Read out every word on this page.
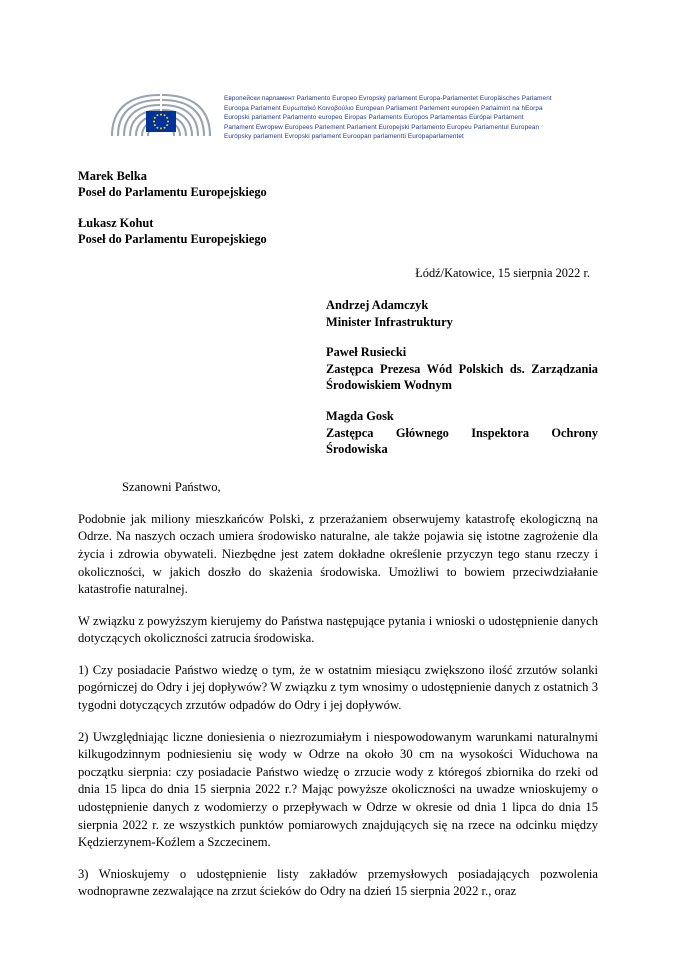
Европейски парламент Parlamento Europeo Evropský parlament Europa-Parlamentet Europäisches Parlament
Euroopa Parlament Ευρωπαϊκό Κοινοβούλιο European Parliament Parlement européen Parlaimint na hEorpa
Europski parlament Parlamento europeo Eiropas Parlaments Europos Parlamentas Európai Parlament
Parlament Ewropew Europees Parlement Parlament Europejski Parlamento Europeu Parlamentul European
Európsky parlament Evropski parlament Euroopan parlamentti Europaparlamentet
Marek Belka
Poseł do Parlamentu Europejskiego
Łukasz Kohut
Poseł do Parlamentu Europejskiego
Łódź/Katowice, 15 sierpnia 2022 r.
Andrzej Adamczyk
Minister Infrastruktury
Paweł Rusiecki
Zastępca Prezesa Wód Polskich ds. Zarządzania Środowiskiem Wodnym
Magda Gosk
Zastępca Głównego Inspektora Ochrony Środowiska
Szanowni Państwo,
Podobnie jak miliony mieszkańców Polski, z przerażaniem obserwujemy katastrofę ekologiczną na Odrze. Na naszych oczach umiera środowisko naturalne, ale także pojawia się istotne zagrożenie dla życia i zdrowia obywateli. Niezbędne jest zatem dokładne określenie przyczyn tego stanu rzeczy i okoliczności, w jakich doszło do skażenia środowiska. Umożliwi to bowiem przeciwdziałanie katastrofie naturalnej.
W związku z powyższym kierujemy do Państwa następujące pytania i wnioski o udostępnienie danych dotyczących okoliczności zatrucia środowiska.
1) Czy posiadacie Państwo wiedzę o tym, że w ostatnim miesiącu zwiększono ilość zrzutów solanki pogórniczej do Odry i jej dopływów? W związku z tym wnosimy o udostępnienie danych z ostatnich 3 tygodni dotyczących zrzutów odpadów do Odry i jej dopływów.
2) Uwzględniając liczne doniesienia o niezrozumiałym i niespowodowanym warunkami naturalnymi kilkugodzinnym podniesieniu się wody w Odrze na około 30 cm na wysokości Widuchowa na początku sierpnia: czy posiadacie Państwo wiedzę o zrzucie wody z któregoś zbiornika do rzeki od dnia 15 lipca do dnia 15 sierpnia 2022 r.? Mając powyższe okoliczności na uwadze wnioskujemy o udostępnienie danych z wodomierzy o przepływach w Odrze w okresie od dnia 1 lipca do dnia 15 sierpnia 2022 r. ze wszystkich punktów pomiarowych znajdujących się na rzece na odcinku między Kędzierzynem-Koźlem a Szczecinem.
3) Wnioskujemy o udostępnienie listy zakładów przemysłowych posiadających pozwolenia wodnoprawne zezwalające na zrzut ścieków do Odry na dzień 15 sierpnia 2022 r., oraz
